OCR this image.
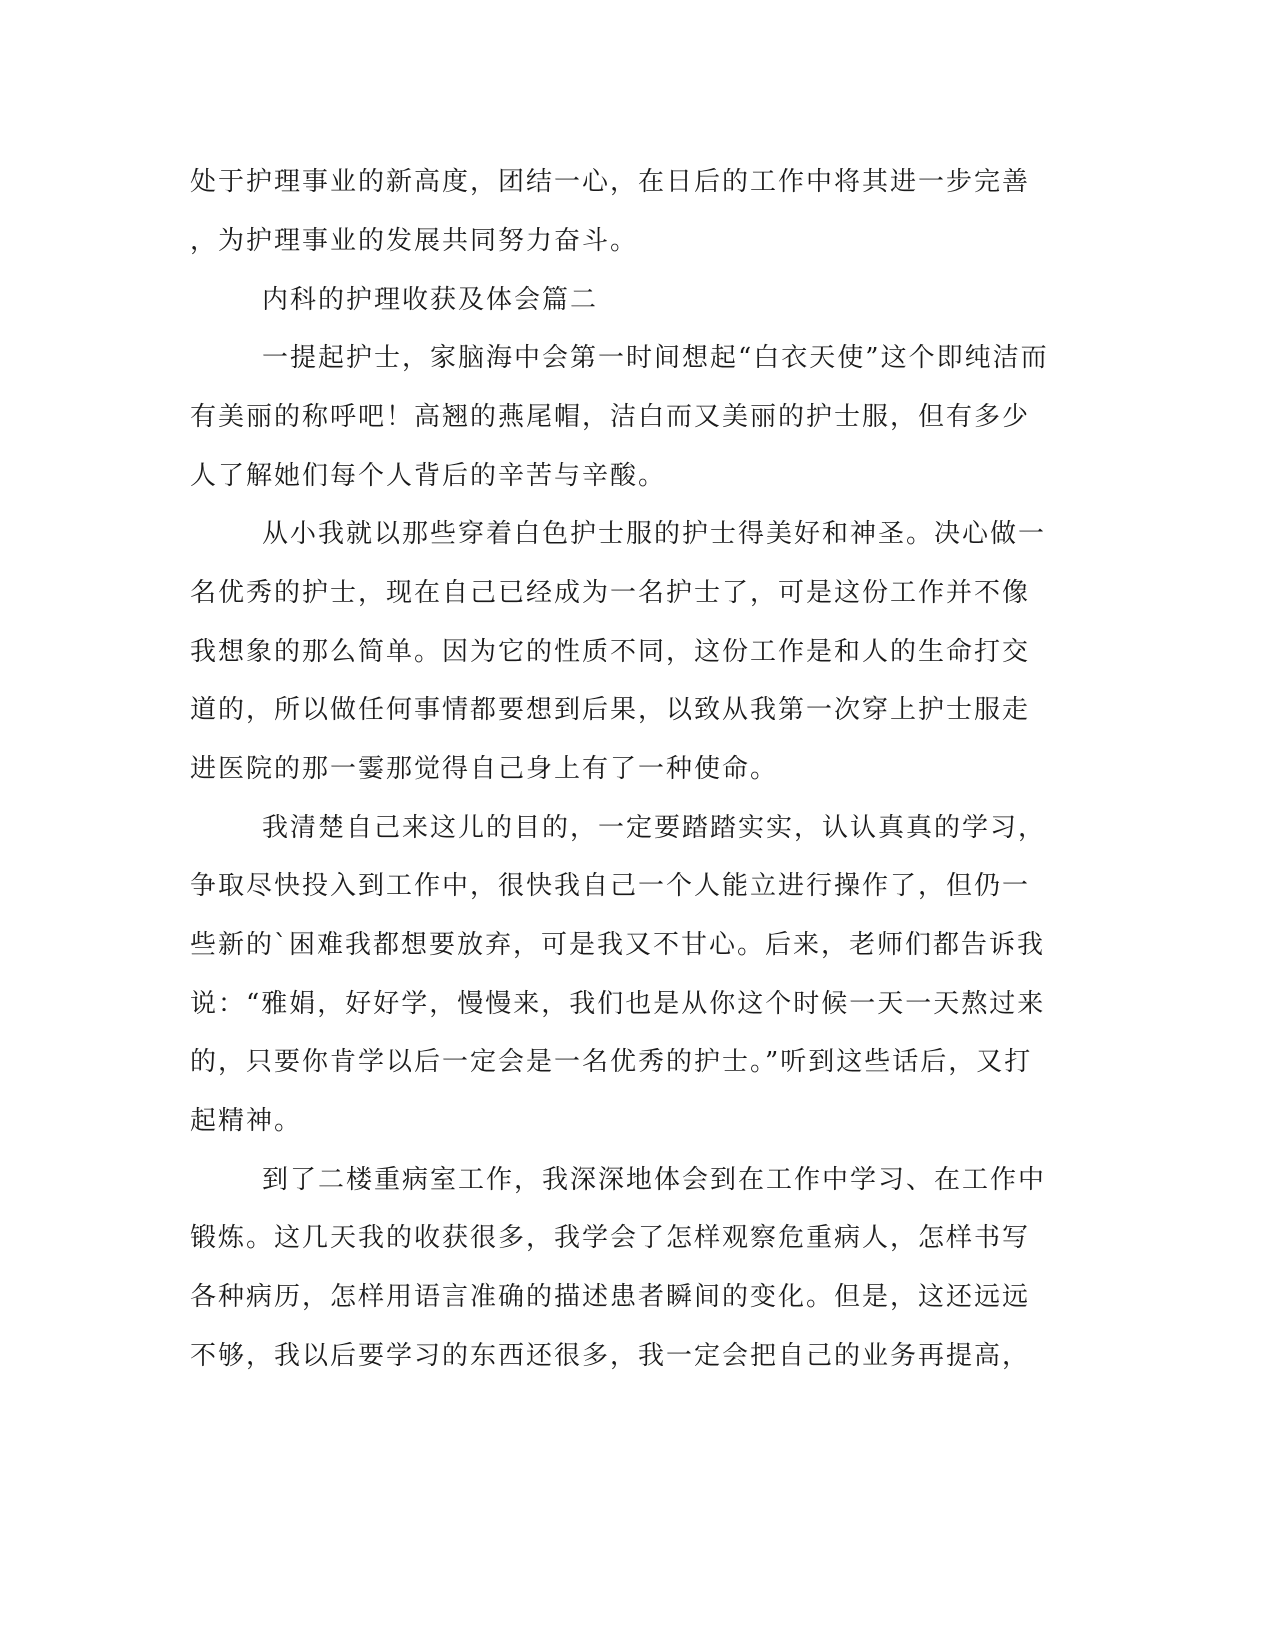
处于护理事业的新高度，团结一心，在日后的工作中将其进一步完善
，为护理事业的发展共同努力奋斗。
内科的护理收获及体会篇二
一提起护士，家脑海中会第一时间想起“白衣天使”这个即纯洁而
有美丽的称呼吧！高翘的燕尾帽，洁白而又美丽的护士服，但有多少
人了解她们每个人背后的辛苦与辛酸。
从小我就以那些穿着白色护士服的护士得美好和神圣。决心做一
名优秀的护士，现在自己已经成为一名护士了，可是这份工作并不像
我想象的那么简单。因为它的性质不同，这份工作是和人的生命打交
道的，所以做任何事情都要想到后果，以致从我第一次穿上护士服走
进医院的那一霎那觉得自己身上有了一种使命。
我清楚自己来这儿的目的，一定要踏踏实实，认认真真的学习，
争取尽快投入到工作中，很快我自己一个人能立进行操作了，但仍一
些新的`困难我都想要放弃，可是我又不甘心。后来，老师们都告诉我
说：“雅娟，好好学，慢慢来，我们也是从你这个时候一天一天熬过来
的，只要你肯学以后一定会是一名优秀的护士。”听到这些话后，又打
起精神。
到了二楼重病室工作，我深深地体会到在工作中学习、在工作中
锻炼。这几天我的收获很多，我学会了怎样观察危重病人，怎样书写
各种病历，怎样用语言准确的描述患者瞬间的变化。但是，这还远远
不够，我以后要学习的东西还很多，我一定会把自己的业务再提高，
